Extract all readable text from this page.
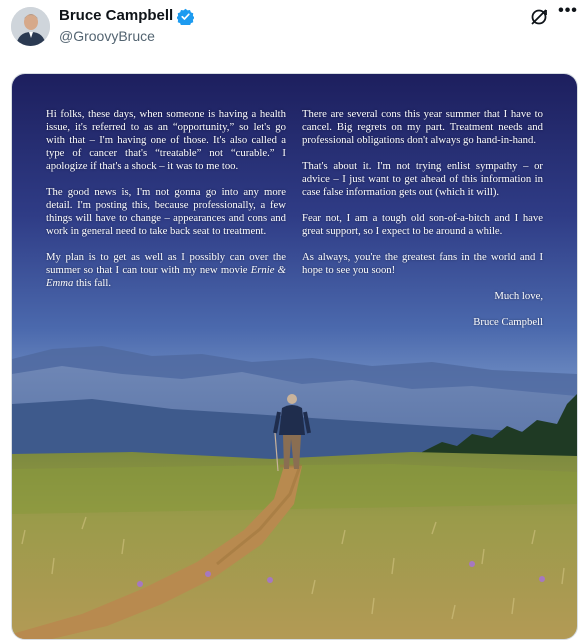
Bruce Campbell
@GroovyBruce
•••

Hi folks, these days, when someone is having a health issue, it's referred to as an “opportunity,” so let's go with that – I'm having one of those. It's also called a type of cancer that's “treatable” not “curable.” I apologize if that's a shock – it was to me too.

The good news is, I'm not gonna go into any more detail. I'm posting this, because professionally, a few things will have to change – appearances and cons and work in general need to take back seat to treatment.

My plan is to get as well as I possibly can over the summer so that I can tour with my new movie Ernie & Emma this fall.

There are several cons this year summer that I have to cancel. Big regrets on my part. Treatment needs and professional obligations don't always go hand-in-hand.

That's about it. I'm not trying enlist sympathy – or advice – I just want to get ahead of this information in case false information gets out (which it will).

Fear not, I am a tough old son-of-a-bitch and I have great support, so I expect to be around a while.

As always, you're the greatest fans in the world and I hope to see you soon!

Much love,

Bruce Campbell
